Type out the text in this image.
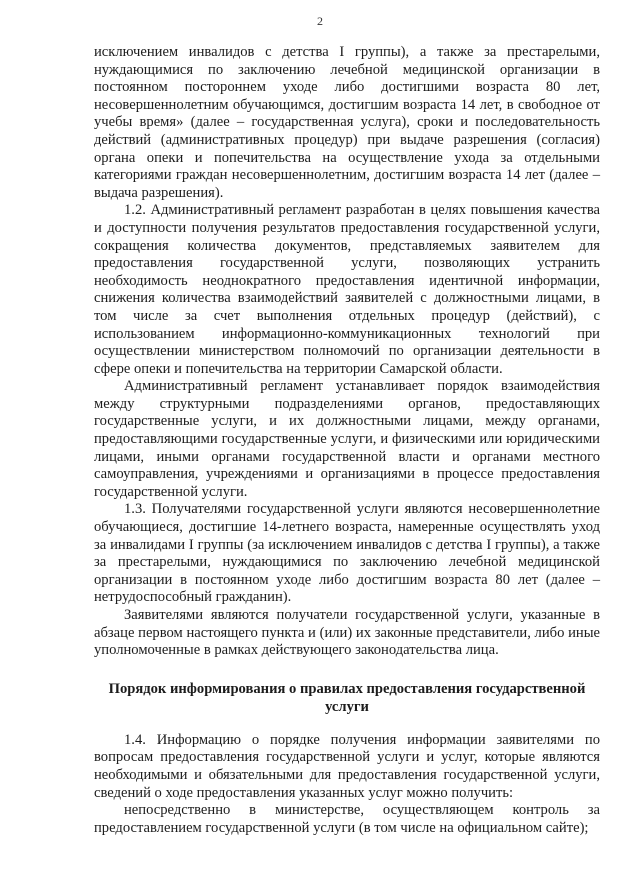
2

исключением инвалидов с детства I группы), а также за престарелыми, нуждающимися по заключению лечебной медицинской организации в постоянном постороннем уходе либо достигшими возраста 80 лет, несовершеннолетним обучающимся, достигшим возраста 14 лет, в свободное от учебы время» (далее – государственная услуга), сроки и последовательность действий (административных процедур) при выдаче разрешения (согласия) органа опеки и попечительства на осуществление ухода за отдельными категориями граждан несовершеннолетним, достигшим возраста 14 лет (далее – выдача разрешения).

1.2. Административный регламент разработан в целях повышения качества и доступности получения результатов предоставления государственной услуги, сокращения количества документов, представляемых заявителем для предоставления государственной услуги, позволяющих устранить необходимость неоднократного предоставления идентичной информации, снижения количества взаимодействий заявителей с должностными лицами, в том числе за счет выполнения отдельных процедур (действий), с использованием информационно-коммуникационных технологий при осуществлении министерством полномочий по организации деятельности в сфере опеки и попечительства на территории Самарской области.

Административный регламент устанавливает порядок взаимодействия между структурными подразделениями органов, предоставляющих государственные услуги, и их должностными лицами, между органами, предоставляющими государственные услуги, и физическими или юридическими лицами, иными органами государственной власти и органами местного самоуправления, учреждениями и организациями в процессе предоставления государственной услуги.

1.3. Получателями государственной услуги являются несовершеннолетние обучающиеся, достигшие 14-летнего возраста, намеренные осуществлять уход за инвалидами I группы (за исключением инвалидов с детства I группы), а также за престарелыми, нуждающимися по заключению лечебной медицинской организации в постоянном уходе либо достигшим возраста 80 лет (далее – нетрудоспособный гражданин).

Заявителями являются получатели государственной услуги, указанные в абзаце первом настоящего пункта и (или) их законные представители, либо иные уполномоченные в рамках действующего законодательства лица.

Порядок информирования о правилах предоставления государственной услуги

1.4. Информацию о порядке получения информации заявителями по вопросам предоставления государственной услуги и услуг, которые являются необходимыми и обязательными для предоставления государственной услуги, сведений о ходе предоставления указанных услуг можно получить:

непосредственно в министерстве, осуществляющем контроль за предоставлением государственной услуги (в том числе на официальном сайте);
